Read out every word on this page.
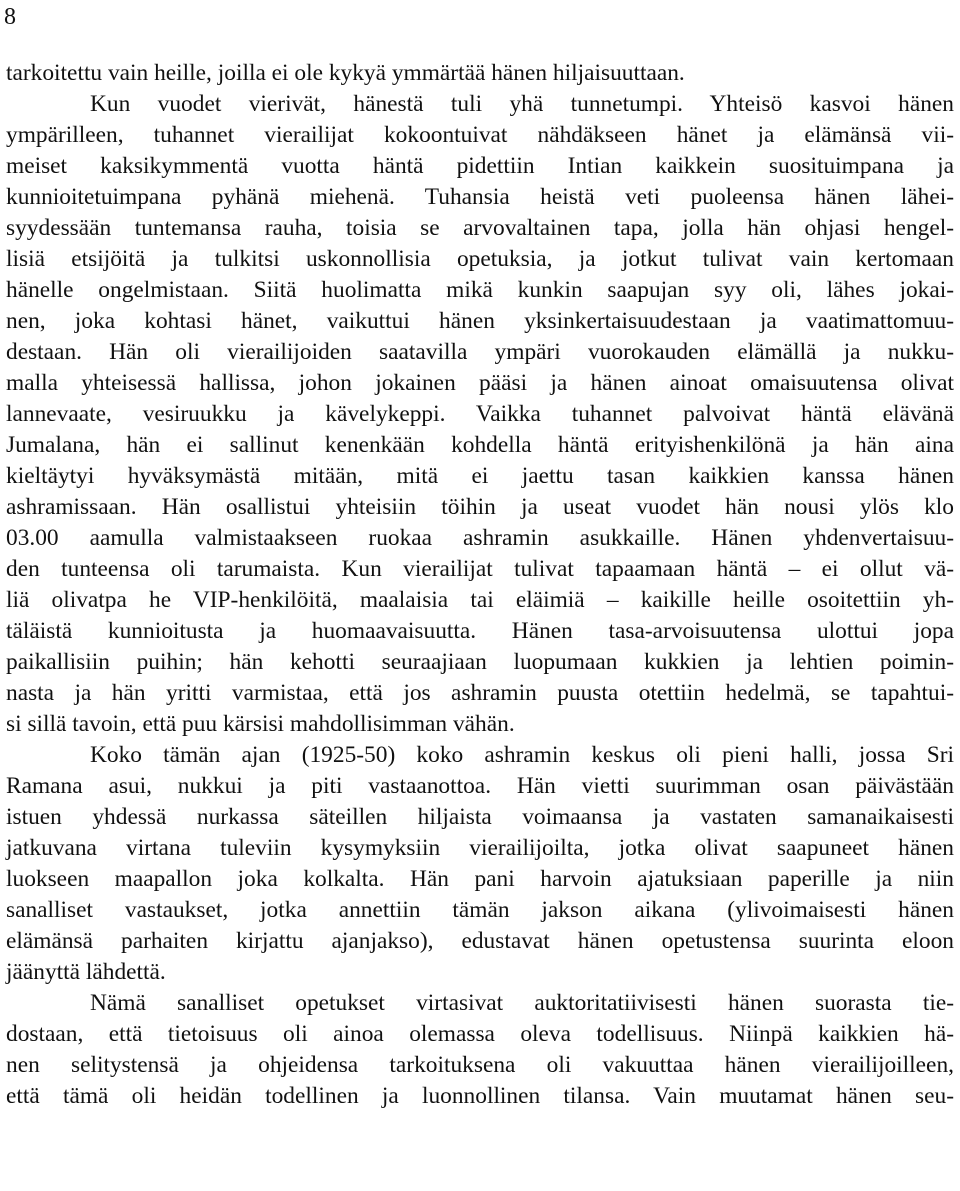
8
tarkoitettu vain heille, joilla ei ole kykyä ymmärtää hänen hiljaisuuttaan.
Kun vuodet vierivät, hänestä tuli yhä tunnetumpi. Yhteisö kasvoi hänen
ympärilleen, tuhannet vierailijat kokoontuivat nähdäkseen hänet ja elämänsä vii-
meiset kaksikymmentä vuotta häntä pidettiin Intian kaikkein suosituimpana ja
kunnioitetuimpana pyhänä miehenä. Tuhansia heistä veti puoleensa hänen lähei-
syydessään tuntemansa rauha, toisia se arvovaltainen tapa, jolla hän ohjasi hengel-
lisiä etsijöitä ja tulkitsi uskonnollisia opetuksia, ja jotkut tulivat vain kertomaan
hänelle ongelmistaan. Siitä huolimatta mikä kunkin saapujan syy oli, lähes jokai-
nen, joka kohtasi hänet, vaikuttui hänen yksinkertaisuudestaan ja vaatimattomuu-
destaan. Hän oli vierailijoiden saatavilla ympäri vuorokauden elämällä ja nukku-
malla yhteisessä hallissa, johon jokainen pääsi ja hänen ainoat omaisuutensa olivat
lannevaate, vesiruukku ja kävelykeppi. Vaikka tuhannet palvoivat häntä elävänä
Jumalana, hän ei sallinut kenenkään kohdella häntä erityishenkilönä ja hän aina
kieltäytyi hyväksymästä mitään, mitä ei jaettu tasan kaikkien kanssa hänen
ashramissaan. Hän osallistui yhteisiin töihin ja useat vuodet hän nousi ylös klo
03.00 aamulla valmistaakseen ruokaa ashramin asukkaille. Hänen yhdenvertaisuu-
den tunteensa oli tarumaista. Kun vierailijat tulivat tapaamaan häntä – ei ollut vä-
liä olivatpa he VIP-henkilöitä, maalaisia tai eläimiä – kaikille heille osoitettiin yh-
täläistä kunnioitusta ja huomaavaisuutta. Hänen tasa-arvoisuutensa ulottui jopa
paikallisiin puihin; hän kehotti seuraajiaan luopumaan kukkien ja lehtien poimin-
nasta ja hän yritti varmistaa, että jos ashramin puusta otettiin hedelmä, se tapahtui-
si sillä tavoin, että puu kärsisi mahdollisimman vähän.
Koko tämän ajan (1925-50) koko ashramin keskus oli pieni halli, jossa Sri
Ramana asui, nukkui ja piti vastaanottoa. Hän vietti suurimman osan päivästään
istuen yhdessä nurkassa säteillen hiljaista voimaansa ja vastaten samanaikaisesti
jatkuvana virtana tuleviin kysymyksiin vierailijoilta, jotka olivat saapuneet hänen
luokseen maapallon joka kolkalta. Hän pani harvoin ajatuksiaan paperille ja niin
sanalliset vastaukset, jotka annettiin tämän jakson aikana (ylivoimaisesti hänen
elämänsä parhaiten kirjattu ajanjakso), edustavat hänen opetustensa suurinta eloon
jäänyttä lähdettä.
Nämä sanalliset opetukset virtasivat auktoritatiivisesti hänen suorasta tie-
dostaan, että tietoisuus oli ainoa olemassa oleva todellisuus. Niinpä kaikkien hä-
nen selitystensä ja ohjeidensa tarkoituksena oli vakuuttaa hänen vierailijoilleen,
että tämä oli heidän todellinen ja luonnollinen tilansa. Vain muutamat hänen seu-
